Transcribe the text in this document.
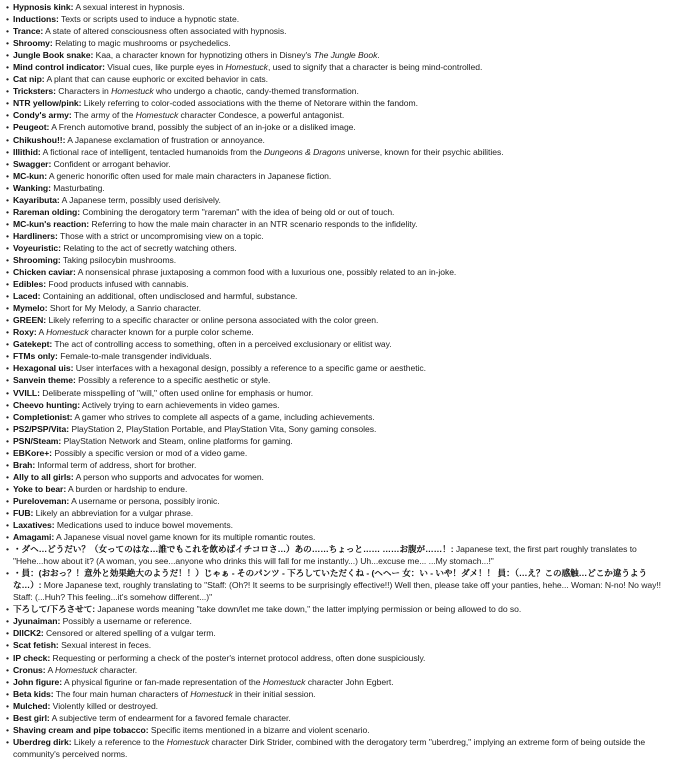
• Hypnosis kink: A sexual interest in hypnosis.
• Inductions: Texts or scripts used to induce a hypnotic state.
• Trance: A state of altered consciousness often associated with hypnosis.
• Shroomy: Relating to magic mushrooms or psychedelics.
• Jungle Book snake: Kaa, a character known for hypnotizing others in Disney's The Jungle Book.
• Mind control indicator: Visual cues, like purple eyes in Homestuck, used to signify that a character is being mind-controlled.
• Cat nip: A plant that can cause euphoric or excited behavior in cats.
• Tricksters: Characters in Homestuck who undergo a chaotic, candy-themed transformation.
• NTR yellow/pink: Likely referring to color-coded associations with the theme of Netorare within the fandom.
• Condy's army: The army of the Homestuck character Condesce, a powerful antagonist.
• Peugeot: A French automotive brand, possibly the subject of an in-joke or a disliked image.
• Chikushou!!: A Japanese exclamation of frustration or annoyance.
• Illithid: A fictional race of intelligent, tentacled humanoids from the Dungeons & Dragons universe, known for their psychic abilities.
• Swagger: Confident or arrogant behavior.
• MC-kun: A generic honorific often used for male main characters in Japanese fiction.
• Wanking: Masturbating.
• Kayaributa: A Japanese term, possibly used derisively.
• Rareman olding: Combining the derogatory term "rareman" with the idea of being old or out of touch.
• MC-kun's reaction: Referring to how the male main character in an NTR scenario responds to the infidelity.
• Hardliners: Those with a strict or uncompromising view on a topic.
• Voyeuristic: Relating to the act of secretly watching others.
• Shrooming: Taking psilocybin mushrooms.
• Chicken caviar: A nonsensical phrase juxtaposing a common food with a luxurious one, possibly related to an in-joke.
• Edibles: Food products infused with cannabis.
• Laced: Containing an additional, often undisclosed and harmful, substance.
• Mymelo: Short for My Melody, a Sanrio character.
• GREEN: Likely referring to a specific character or online persona associated with the color green.
• Roxy: A Homestuck character known for a purple color scheme.
• Gatekept: The act of controlling access to something, often in a perceived exclusionary or elitist way.
• FTMs only: Female-to-male transgender individuals.
• Hexagonal uis: User interfaces with a hexagonal design, possibly a reference to a specific game or aesthetic.
• Sanvein theme: Possibly a reference to a specific aesthetic or style.
• VVILL: Deliberate misspelling of "will," often used online for emphasis or humor.
• Cheevo hunting: Actively trying to earn achievements in video games.
• Completionist: A gamer who strives to complete all aspects of a game, including achievements.
• PS2/PSP/Vita: PlayStation 2, PlayStation Portable, and PlayStation Vita, Sony gaming consoles.
• PSN/Steam: PlayStation Network and Steam, online platforms for gaming.
• EBKore+: Possibly a specific version or mod of a video game.
• Brah: Informal term of address, short for brother.
• Ally to all girls: A person who supports and advocates for women.
• Yoke to bear: A burden or hardship to endure.
• Pureloveman: A username or persona, possibly ironic.
• FUB: Likely an abbreviation for a vulgar phrase.
• Laxatives: Medications used to induce bowel movements.
• Amagami: A Japanese visual novel game known for its multiple romantic routes.
• ・ダヘ…どうだい？（女ってのはな…誰でもこれを飲めばイチコロさ…）あの……ちょっと…… ……お腹が……！: Japanese text, the first part roughly translates to "Hehe...how about it? (A woman, you see...anyone who drinks this will fall for me instantly...) Uh...excuse me... ...My stomach...!"
• ・員：(おおっ？！意外と効果絶大のようだ！！）じゃぁ - そのパンツ - 下ろしていただくね - (ヘヘー 女：い - いや！ダメ！！ 員：（…え？この感触…どこか違うよう な…）: More Japanese text, roughly translating to "Staff: (Oh?! It seems to be surprisingly effective!!) Well then, please take off your panties, hehe... Woman: N-no! No way!! Staff: (...Huh? This feeling...it's somehow different...)"
• 下ろして/下ろさせて: Japanese words meaning "take down/let me take down," the latter implying permission or being allowed to do so.
• Jyunaiman: Possibly a username or reference.
• DIICK2: Censored or altered spelling of a vulgar term.
• Scat fetish: Sexual interest in feces.
• IP check: Requesting or performing a check of the poster's internet protocol address, often done suspiciously.
• Cronus: A Homestuck character.
• John figure: A physical figurine or fan-made representation of the Homestuck character John Egbert.
• Beta kids: The four main human characters of Homestuck in their initial session.
• Mulched: Violently killed or destroyed.
• Best girl: A subjective term of endearment for a favored female character.
• Shaving cream and pipe tobacco: Specific items mentioned in a bizarre and violent scenario.
• Uberdreg dirk: Likely a reference to the Homestuck character Dirk Strider, combined with the derogatory term "uberdreg," implying an extreme form of being outside the community's perceived norms.
